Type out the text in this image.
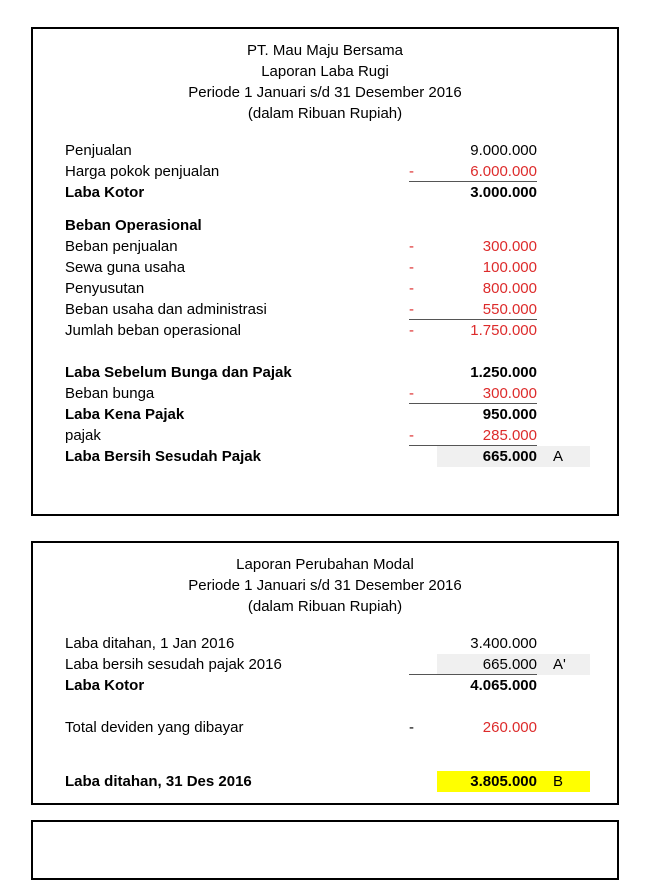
PT. Mau Maju Bersama
Laporan Laba Rugi
Periode 1 Januari s/d 31 Desember 2016
(dalam Ribuan Rupiah)
Penjualan	9.000.000
Harga pokok penjualan	-	6.000.000
Laba Kotor	3.000.000
Beban Operasional
Beban penjualan	-	300.000
Sewa guna usaha	-	100.000
Penyusutan	-	800.000
Beban usaha dan administrasi	-	550.000
Jumlah beban operasional	-	1.750.000
Laba Sebelum Bunga dan Pajak	1.250.000
Beban bunga	-	300.000
Laba Kena Pajak	950.000
pajak	-	285.000
Laba Bersih Sesudah Pajak	665.000 A
Laporan Perubahan Modal
Periode 1 Januari s/d 31 Desember 2016
(dalam Ribuan Rupiah)
Laba ditahan, 1 Jan 2016	3.400.000
Laba bersih sesudah pajak 2016	665.000 A'
Laba Kotor	4.065.000
Total deviden yang dibayar	-	260.000
Laba ditahan, 31 Des 2016	3.805.000 B
